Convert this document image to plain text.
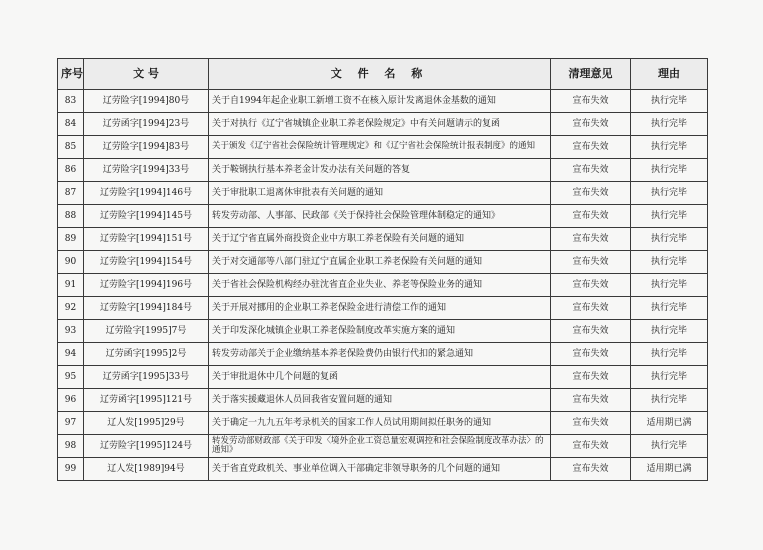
序号	文 号	文 件 名 称	清理意见	理由
83	辽劳险字[1994]80号	关于自1994年起企业职工新增工资不在核入原计发离退休金基数的通知	宣布失效	执行完毕
84	辽劳函字[1994]23号	关于对执行《辽宁省城镇企业职工养老保险规定》中有关问题请示的复函	宣布失效	执行完毕
85	辽劳险字[1994]83号	关于颁发《辽宁省社会保险统计管理规定》和《辽宁省社会保险统计报表制度》的通知	宣布失效	执行完毕
86	辽劳险字[1994]33号	关于鞍钢执行基本养老金计发办法有关问题的答复	宣布失效	执行完毕
87	辽劳险字[1994]146号	关于审批职工退离休审批表有关问题的通知	宣布失效	执行完毕
88	辽劳险字[1994]145号	转发劳动部、人事部、民政部《关于保持社会保险管理体制稳定的通知》	宣布失效	执行完毕
89	辽劳险字[1994]151号	关于辽宁省直属外商投资企业中方职工养老保险有关问题的通知	宣布失效	执行完毕
90	辽劳险字[1994]154号	关于对交通部等八部门驻辽宁直属企业职工养老保险有关问题的通知	宣布失效	执行完毕
91	辽劳险字[1994]196号	关于省社会保险机构经办驻沈省直企业失业、养老等保险业务的通知	宣布失效	执行完毕
92	辽劳险字[1994]184号	关于开展对挪用的企业职工养老保险金进行清偿工作的通知	宣布失效	执行完毕
93	辽劳险字[1995]7号	关于印发深化城镇企业职工养老保险制度改革实施方案的通知	宣布失效	执行完毕
94	辽劳函字[1995]2号	转发劳动部关于企业缴纳基本养老保险费仍由银行代扣的紧急通知	宣布失效	执行完毕
95	辽劳函字[1995]33号	关于审批退休中几个问题的复函	宣布失效	执行完毕
96	辽劳函字[1995]121号	关于落实援藏退休人员回我省安置问题的通知	宣布失效	执行完毕
97	辽人发[1995]29号	关于确定一九九五年考录机关的国家工作人员试用期间拟任职务的通知	宣布失效	适用期已满
98	辽劳险字[1995]124号	转发劳动部财政部《关于印发〈境外企业工资总量宏观调控和社会保险制度改革办法〉的通知》	宣布失效	执行完毕
99	辽人发[1989]94号	关于省直党政机关、事业单位调入干部确定非领导职务的几个问题的通知	宣布失效	适用期已满
